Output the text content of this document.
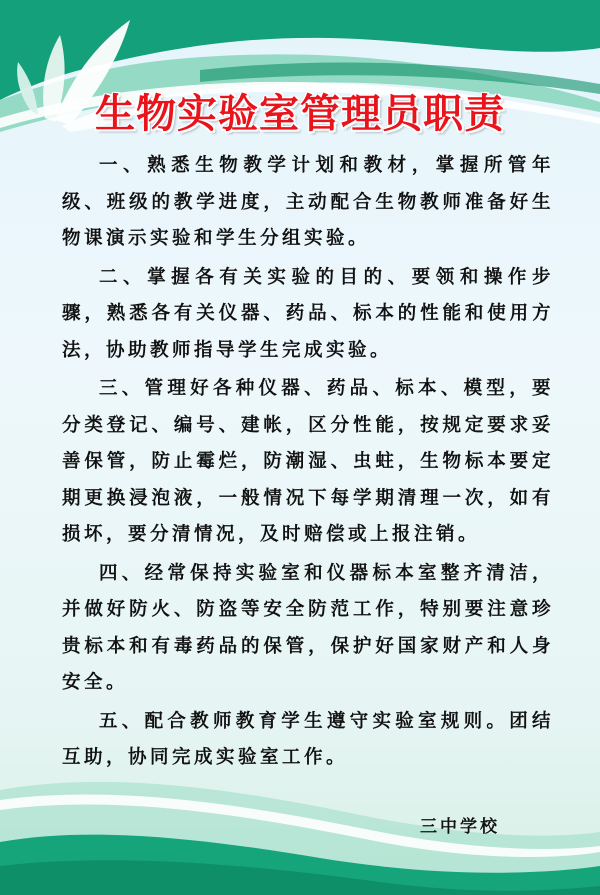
生物实验室管理员职责

一、熟悉生物教学计划和教材，掌握所管年级、班级的教学进度，主动配合生物教师准备好生物课演示实验和学生分组实验。

二、掌握各有关实验的目的、要领和操作步骤，熟悉各有关仪器、药品、标本的性能和使用方法，协助教师指导学生完成实验。

三、管理好各种仪器、药品、标本、模型，要分类登记、编号、建帐，区分性能，按规定要求妥善保管，防止霉烂，防潮湿、虫蛀，生物标本要定期更换浸泡液，一般情况下每学期清理一次，如有损坏，要分清情况，及时赔偿或上报注销。

四、经常保持实验室和仪器标本室整齐清洁，并做好防火、防盗等安全防范工作，特别要注意珍贵标本和有毒药品的保管，保护好国家财产和人身安全。

五、配合教师教育学生遵守实验室规则。团结互助，协同完成实验室工作。

三中学校
